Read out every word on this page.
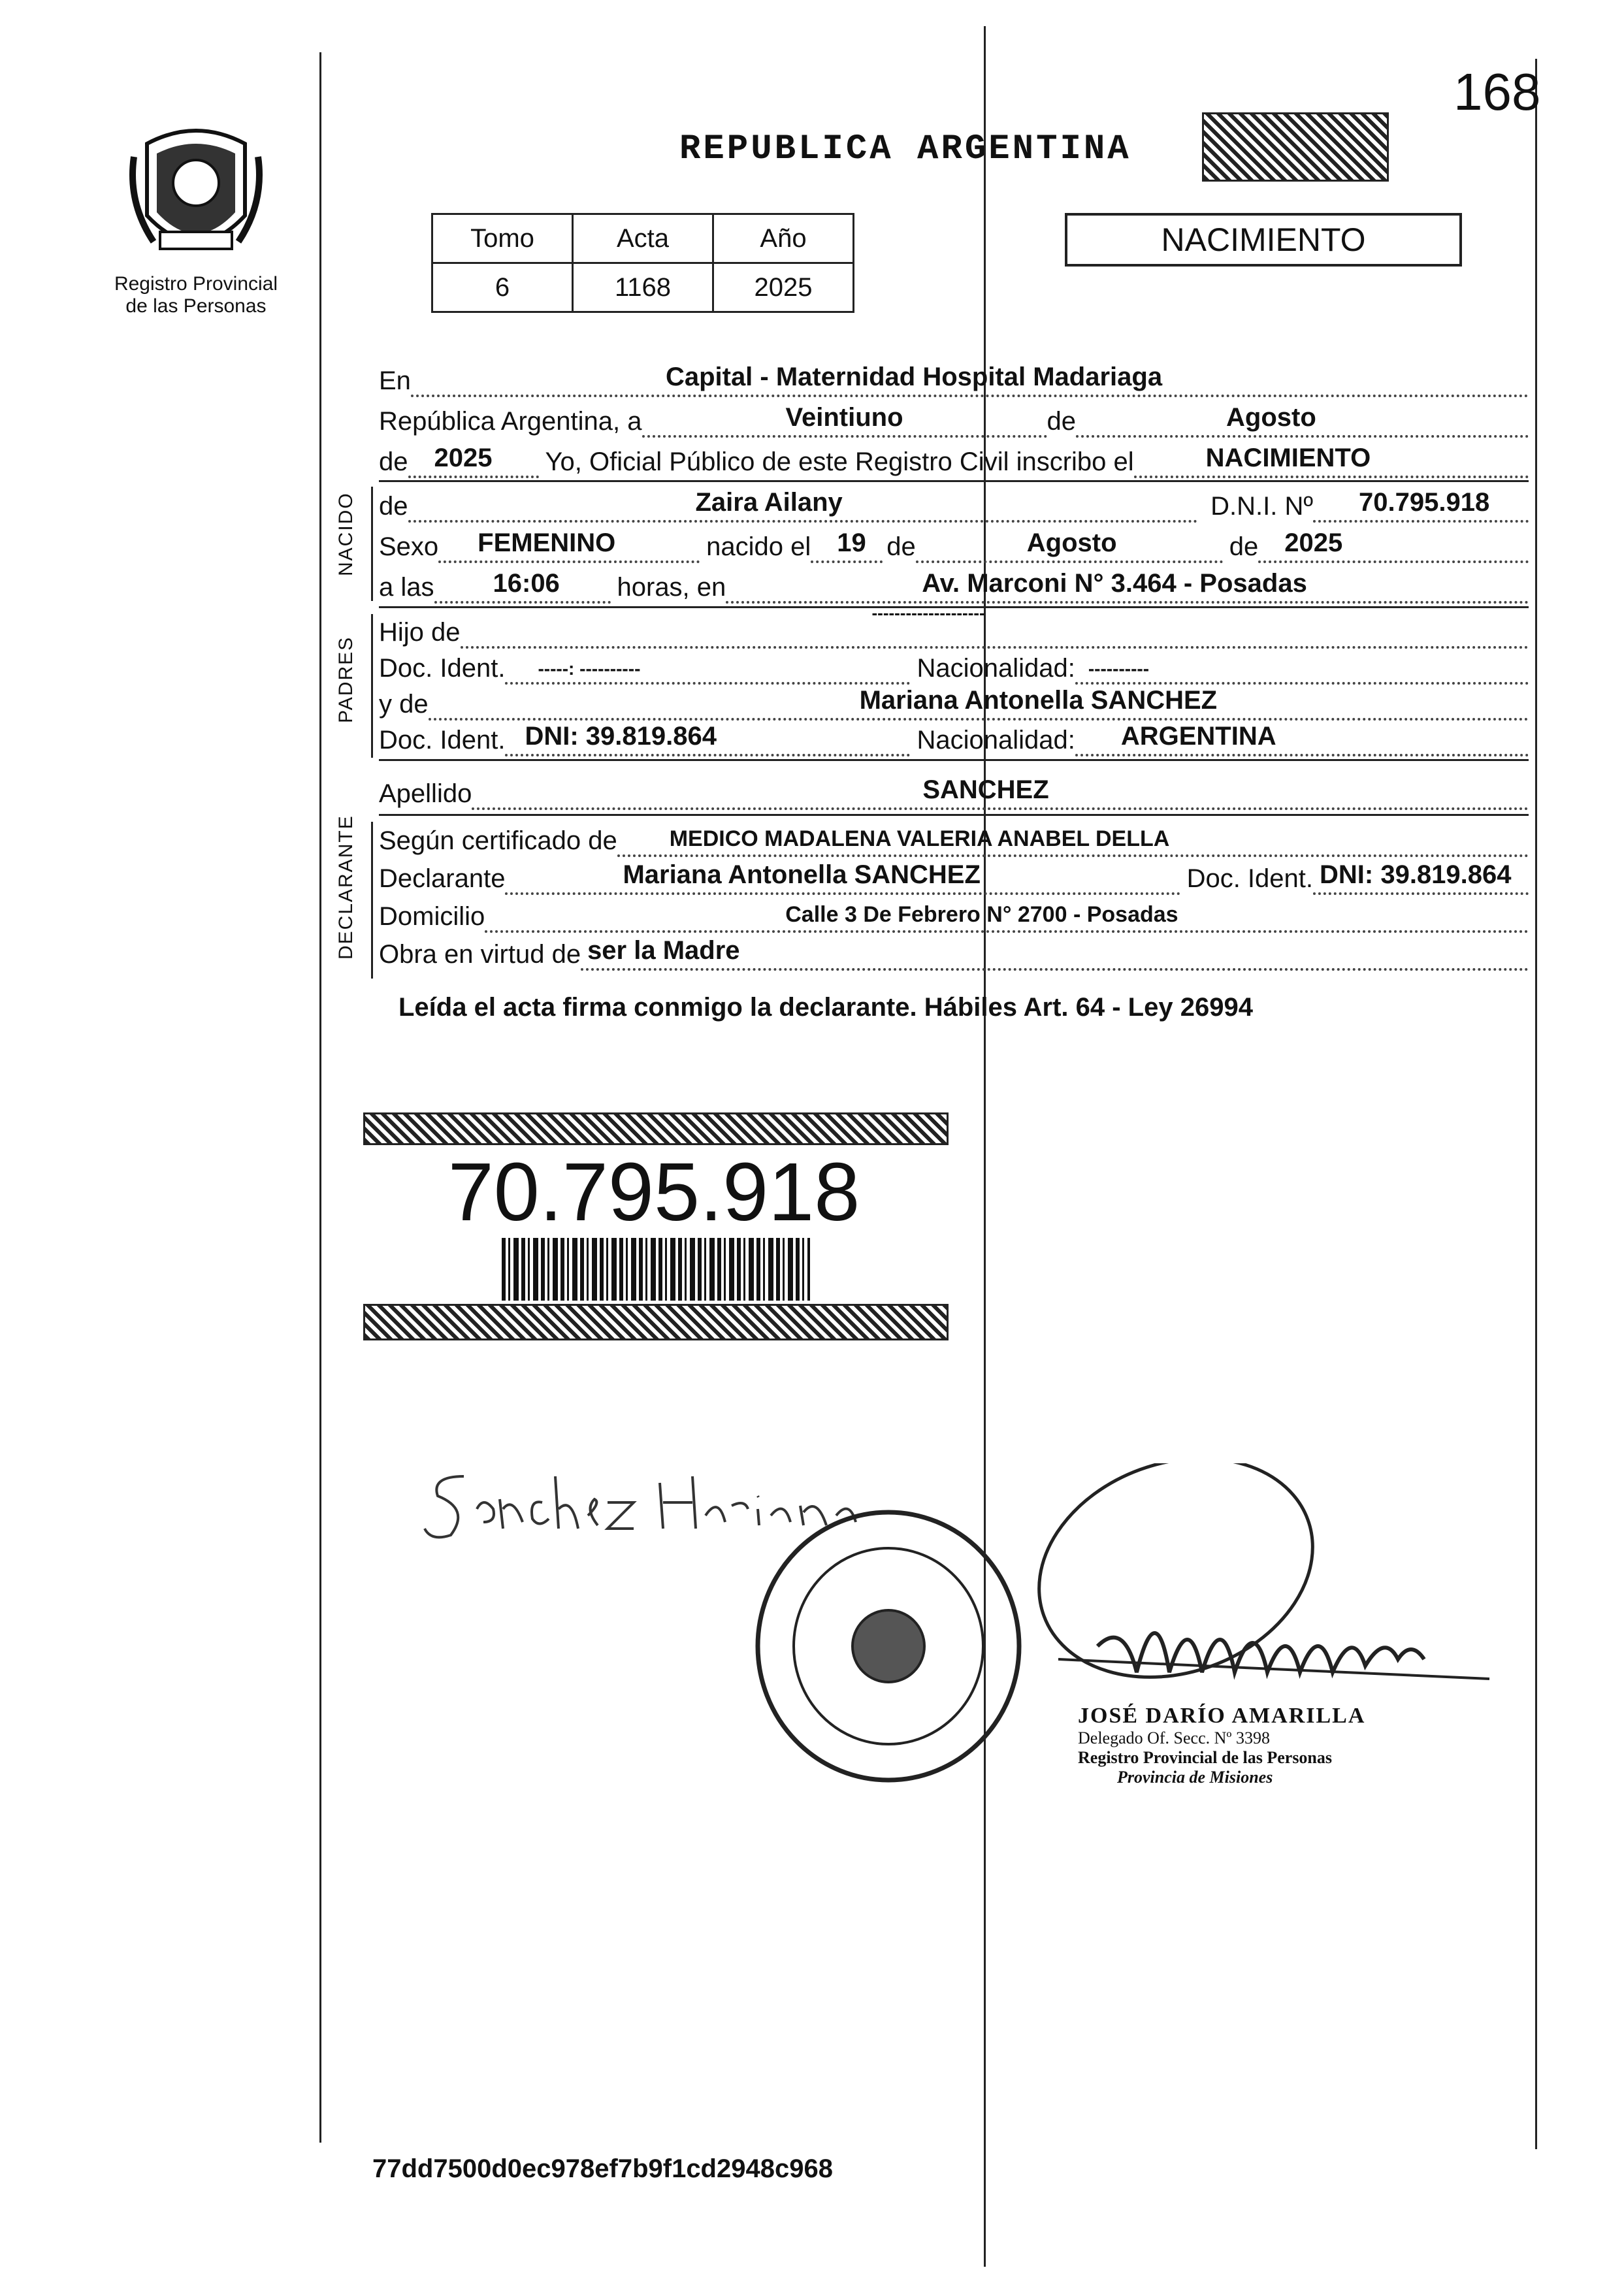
168
Registro Provincial
de las Personas
REPUBLICA ARGENTINA
Tomo	Acta	Año
6	1168	2025
NACIMIENTO
En	Capital - Maternidad Hospital Madariaga
República Argentina, a	Veintiuno	de	Agosto
de 2025 Yo, Oficial Público de este Registro Civil inscribo el	NACIMIENTO
NACIDO de	Zaira Ailany	D.N.I. Nº 70.795.918
Sexo FEMENINO	nacido el 19 de	Agosto	de 2025
a las 16:06 horas, en	Av. Marconi N° 3.464 - Posadas
PADRES
Hijo de
--------------------
Doc. Ident. -----: ----------	Nacionalidad: ----------
y de	Mariana Antonella SANCHEZ
Doc. Ident. DNI: 39.819.864	Nacionalidad: ARGENTINA
Apellido	SANCHEZ
DECLARANTE Según certificado de MEDICO MADALENA VALERIA ANABEL DELLA
Declarante	Mariana Antonella SANCHEZ	Doc. Ident. DNI: 39.819.864
Domicilio	Calle 3 De Febrero N° 2700 - Posadas
Obra en virtud de ser la Madre
Leída el acta firma conmigo la declarante. Hábiles Art. 64 - Ley 26994
70.795.918
JOSÉ DARÍO AMARILLA
Delegado Of. Secc. Nº 3398
Registro Provincial de las Personas
Provincia de Misiones
77dd7500d0ec978ef7b9f1cd2948c968
